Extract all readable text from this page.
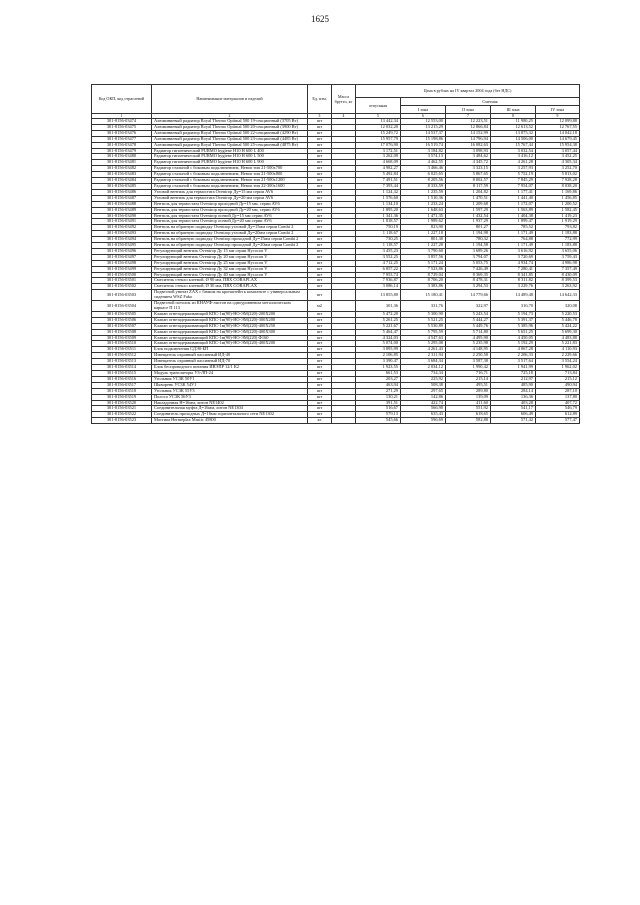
1625
Код ОКП, код отраслевой	Наименование материалов и изделий	Ед. изм.	Масса брутто, кг	Цена в рублях на IV квартал 2004 года (без НДС)				
				отпускная	Сметная			
					I зона	II зона	III зона	IV зона
1	2	3	4	5	6	7	8	9
301-8156-03474	Алюминиевый радиатор Royal Thermo Optimal 500 19-секционный (3705 Вт)	шт		13 442,34	12 553,00	12 223,51	11 980,25	12 099,88
301-8156-03475	Алюминиевый радиатор Royal Thermo Optimal 500 20-секционный (3900 Вт)	шт		12 032,20	13 215,29	12 866,84	12 613,52	12 767,55
301-8156-03476	Алюминиевый радиатор Royal Thermo Optimal 500 22-секционный (4290 Вт)	шт		15 249,72	14 537,37	14 152,99	13 875,32	14 042,18
301-8156-03477	Алюминиевый радиатор Royal Thermo Optimal 500 23-секционный (4485 Вт)	шт		15 957,79	15 198,86	14 796,94	14 506,00	14 679,45
301-8156-03478	Алюминиевый радиатор Royal Thermo Optimal 500 25-секционный (4875 Вт)	шт		17 076,90	16 519,74	16 082,63	15 767,44	15 954,38
301-8156-03479	Радиатор гигиенический PURMO hygiene H10 H 600 L 400	шт		3 172,51	3 184,82	3 098,93	3 032,54	3 057,44
301-8156-03480	Радиатор гигиенический PURMO hygiene H10 H 600 L 500	шт		3 262,09	3 574,13	3 484,62	3 416,12	3 452,25
301-8156-03481	Радиатор гигиенический PURMO hygiene H10 H 600 L 900	шт		4 668,09	4 462,55	4 345,72	4 261,28	4 305,34
301-8156-03482	Радиатор стальной с боковым подключением, Невоп тип 21-500х700	шт		4 982,27	3 466,46	3 323,15	3 257,93	3 252,70
301-8156-03483	Радиатор стальной с боковым подключением, Невоп тип 21-500х800	шт		5 492,84	6 025,65	5 867,65	5 752,19	5 813,02
301-8156-03484	Радиатор стальной с боковым подключением, Невоп тип 21-500х1200	шт		7 491,51	8 205,56	8 002,57	7 845,29	7 928,28
301-8156-03485	Радиатор стальной с боковым подключением, Невоп тип 22-300х1600	шт		7 393,44	8 333,59	8 117,59	7 954,07	8 038,20
301-8156-03486	Угловой вентиль для термостата Oventrop Ду=15 мм серии AV6	шт		1 124,32	1 235,59	1 204,82	1 177,41	1 169,86
301-8156-03487	Угловой вентиль для термостата Oventrop Ду=20 мм серии AV6	шт		1 576,60	1 510,36	1 470,51	1 441,40	1 456,85
301-8156-03488	Вентиль для термостата Oventrop проходной Ду=15 мм, серии AV6	шт		1 134,10	1 233,24	1 209,68	1 172,07	1 200,52
301-8156-03489	Вентиль для термостата Oventrop проходной Ду=20 мм, серии AV6	шт		1 895,20	1 648,63	1 597,29	1 563,89	1 582,45
301-8156-03490	Вентиль для термостата Oventrop осевой Ду=15 мм серии AV6	шт		1 341,36	1 471,35	1 432,54	1 404,38	1 419,23
301-8156-03491	Вентиль для термостата Oventrop осевой Ду=20 мм серии AV6	шт		1 818,57	1 989,62	1 937,29	1 899,47	1 919,29
301-8156-03492	Вентиль на обратную подводку Oventrop угловой Ду=15мм серии Combi 2	шт		750,19	823,90	801,27	785,52	793,82
301-8156-03493	Вентиль на обратную подводку Oventrop угловой Ду=20мм серии Combi 2	шт		1 118,67	1 227,18	1 194,98	1 171,49	1 183,88
301-8156-03494	Вентиль на обратную подводку Oventrop проходной Ду=15мм серии Combi 2	шт		730,25	801,38	780,32	764,88	772,99
301-8156-03495	Вентиль на обратную подводку Oventrop проходной Ду=20мм серии Combi 2	шт		1 118,57	1 227,28	1 194,58	1 171,49	1 183,88
301-8156-03496	Регулирующий вентиль Oventrop Ду 15 мм серии Hycocon V	шт		3 455,23	3 790,60	3 689,26	3 616,92	3 655,06
301-8156-03497	Регулирующий вентиль Oventrop Ду 20 мм серии Hycocon V	шт		3 552,25	3 857,56	3 794,07	3 720,69	3 759,43
301-8156-03498	Регулирующий вентиль Oventrop Ду 25 мм серии Hycocon V	шт		4 712,25	5 171,24	5 053,75	4 934,74	4 986,98
301-8156-03499	Регулирующий вентиль Oventrop Ду 32 мм серии Hycocon V	шт		6 857,22	7 523,86	7 426,49	7 280,41	7 357,49
301-8156-03500	Регулирующий вентиль Oventrop Ду 40 мм серии Hycocon V	шт		7 953,74	8 729,04	8 369,35	8 341,85	8 430,09
301-8156-03501	Смеситель стекло клеевой, Ø 90 мм, ПВХ CORAPLAX	шт		7 936,87	8 706,20	8 478,31	8 311,82	8 399,53
301-8156-03502	Смеситель стекло клеевой, Ø 30 мм, ПВХ CORAPLAX	шт		3 086,14	3 383,86	3 294,53	3 229,76	3 263,92
301-8156-03503	Подвесной унитаз ZAX с бачком на кронштейн к комплекте с универсальным сидением WSZ Fako	шт		13 855,80	15 180,41	14 779,66	14 489,48	14 642,33
301-8156-03504	Подвесной потолок из КНАУФ-листов на одноуровневом металлическом каркасе П 113	м2		301,36	331,76	322,97	316,70	320,08
301-8156-03505	Клапан огнезадерживающий КПС-1м(90)-НО-ЭМ(220)-200Х200	шт		5 472,20	5 300,90	5 243,54	5 194,73	5 220,53
301-8156-03506	Клапан огнезадерживающий КПС-1м(90)-НО-ЭМ(220)-300Х200	шт		5 261,25	5 521,25	5 444,27	5 391,37	5 446,78
301-8156-03507	Клапан огнезадерживающий КПС-1м(90)-НО-ЭМ(220)-400Х250	шт		5 221,67	5 530,89	5 449,76	5 385,96	5 424,22
301-8156-03508	Клапан огнезадерживающий КПС-1м(90)-НО-ЭМ(220)-400Х300	шт		5 464,47	5 795,59	5 714,80	5 651,25	5 699,30
301-8156-03509	Клапан огнезадерживающий КПС-1м(90)-НО-ЭМ(220) Ф160	шт		4 324,03	4 547,63	4 495,90	4 450,05	4 483,88
301-8156-03510	Клапан огнезадерживающий КПС-1м(90)-НО-ЭМ(220)-400Х200	шт		5 074,00	5 295,08	5 235,98	5 192,29	5 221,83
301-8156-03511	Блок подключения СДЭ0-БП	шт		3 895,99	4 261,43	4 148,95	4 067,28	4 110,93
301-8156-03512	Извещатель охранный пассивный ИД-40	шт		2 106,85	2 311,94	2 250,58	2 206,33	2 229,66
301-8156-03513	Извещатель охранный пассивный ИД-70	шт		3 390,47	3 684,34	3 587,38	3 517,64	3 554,24
301-8156-03514	Блок беспроводного питания ИВЭПР 12/1 К2	шт		1 923,55	2 034,12	1 990,42	1 941,99	1 962,02
301-8156-03515	Модуль трансляторы УЗ-ЛП-24	шт		661,53	734,34	716,71	725,18	713,84
301-8156-03516	Угольник УС3К 50У1	шт		203,27	225,92	215,14	212,97	215,12
301-8156-03517	Шкворень УС3К 54У1	шт		463,94	508,38	495,51	485,90	490,94
301-8156-03518	Угольник УС3К 55У3	шт		271,29	297,65	289,80	284,14	287,10
301-8156-03519	Полоса УС3К 56У3	шт		130,21	142,86	139,09	136,36	137,80
301-8156-03520	Накладочная Н=16мм, литон NE1402	шт		391,51	422,74	411,60	403,28	407,72
301-8156-03521	Соединительная муфта Д=16мм, литон NE1304	шт		516,67	566,98	551,92	541,17	546,79
301-8156-03522	Соединитель проходных Д=16мм горизонтального сети NE1302	шт		579,13	635,43	618,65	606,49	612,89
301-8156-03523	Мастика Hermeplax Mastic 45800	кг		545,66	596,69	582,88	571,42	577,47
